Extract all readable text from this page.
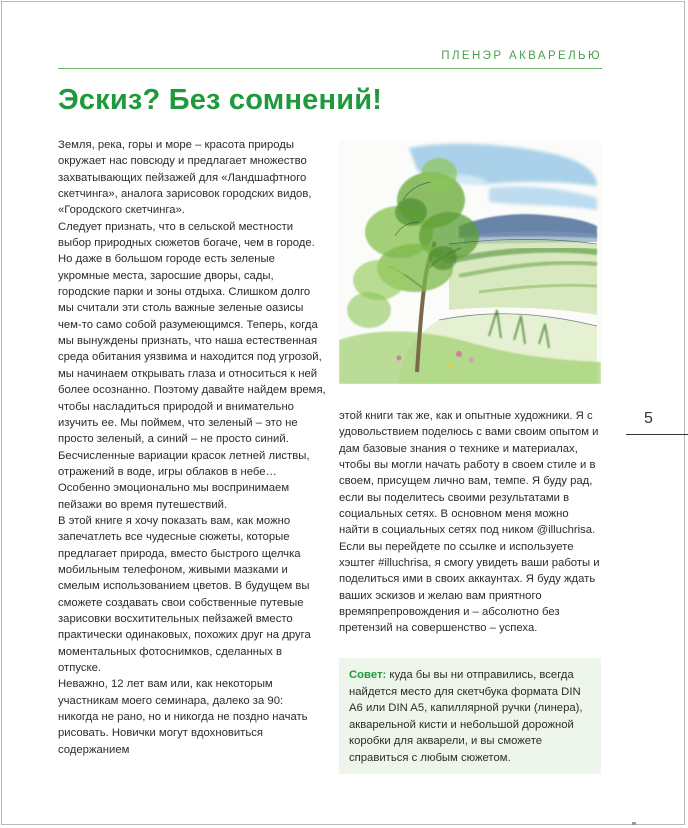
ПЛЕНЭР АКВАРЕЛЬЮ
Эскиз? Без сомнений!

Земля, река, горы и море – красота природы окружает нас повсюду и предлагает множество захватывающих пейзажей для «Ландшафтного скетчинга», аналога зарисовок городских видов, «Городского скетчинга».

Следует признать, что в сельской местности выбор природных сюжетов богаче, чем в городе. Но даже в большом городе есть зеленые укромные места, заросшие дворы, сады, городские парки и зоны отдыха. Слишком долго мы считали эти столь важные зеленые оазисы чем-то само собой разумеющимся. Теперь, когда мы вынуждены признать, что наша естественная среда обитания уязвима и находится под угрозой, мы начинаем открывать глаза и относиться к ней более осознанно. Поэтому давайте найдем время, чтобы насладиться природой и внимательно изучить ее. Мы поймем, что зеленый – это не просто зеленый, а синий – не просто синий. Бесчисленные вариации красок летней листвы, отражений в воде, игры облаков в небе…

Особенно эмоционально мы воспринимаем пейзажи во время путешествий.

В этой книге я хочу показать вам, как можно запечатлеть все чудесные сюжеты, которые предлагает природа, вместо быстрого щелчка мобильным телефоном, живыми мазками и смелым использованием цветов. В будущем вы сможете создавать свои собственные путевые зарисовки восхитительных пейзажей вместо практически одинаковых, похожих друг на друга моментальных фотоснимков, сделанных в отпуске.

Неважно, 12 лет вам или, как некоторым участникам моего семинара, далеко за 90: никогда не рано, но и никогда не поздно начать рисовать. Новички могут вдохновиться содержанием

5

этой книги так же, как и опытные художники. Я с удовольствием поделюсь с вами своим опытом и дам базовые знания о технике и материалах, чтобы вы могли начать работу в своем стиле и в своем, присущем лично вам, темпе. Я буду рад, если вы поделитесь своими результатами в социальных сетях. В основном меня можно найти в социальных сетях под ником @illuchrisa. Если вы перейдете по ссылке и используете хэштег #illuchrisa, я смогу увидеть ваши работы и поделиться ими в своих аккаунтах. Я буду ждать ваших эскизов и желаю вам приятного времяпрепровождения и – абсолютно без претензий на совершенство – успеха.

Совет: куда бы вы ни отправились, всегда найдется место для скетчбука формата DIN A6 или DIN A5, капиллярной ручки (линера), акварельной кисти и небольшой дорожной коробки для акварели, и вы сможете справиться с любым сюжетом.
